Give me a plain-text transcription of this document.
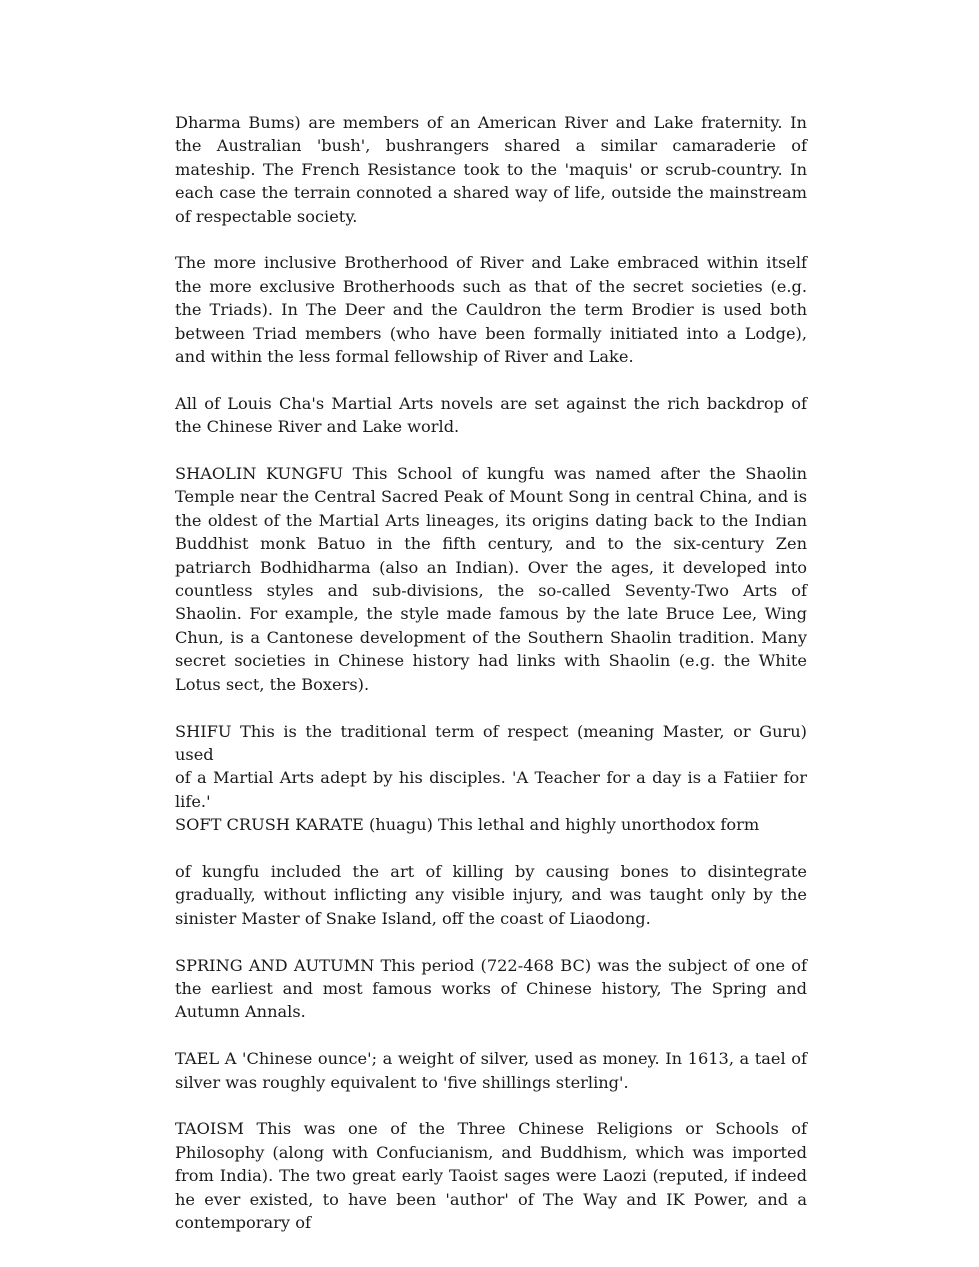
Dharma Bums) are members of an American River and Lake fraternity. In the Australian 'bush', bushrangers shared a similar camaraderie of mateship. The French Resistance took to the 'maquis' or scrub-country. In each case the terrain connoted a shared way of life, outside the mainstream of respectable society.

The more inclusive Brotherhood of River and Lake embraced within itself the more exclusive Brotherhoods such as that of the secret societies (e.g. the Triads). In The Deer and the Cauldron the term Brodier is used both between Triad members (who have been formally initiated into a Lodge), and within the less formal fellowship of River and Lake.

All of Louis Cha's Martial Arts novels are set against the rich backdrop of the Chinese River and Lake world.

SHAOLIN KUNGFU This School of kungfu was named after the Shaolin Temple near the Central Sacred Peak of Mount Song in central China, and is the oldest of the Martial Arts lineages, its origins dating back to the Indian Buddhist monk Batuo in the fifth century, and to the six-century Zen patriarch Bodhidharma (also an Indian). Over the ages, it developed into countless styles and sub-divisions, the so-called Seventy-Two Arts of Shaolin. For example, the style made famous by the late Bruce Lee, Wing Chun, is a Cantonese development of the Southern Shaolin tradition. Many secret societies in Chinese history had links with Shaolin (e.g. the White Lotus sect, the Boxers).

SHIFU This is the traditional term of respect (meaning Master, or Guru) used
of a Martial Arts adept by his disciples. 'A Teacher for a day is a Fatiier for life.'
SOFT CRUSH KARATE (huagu) This lethal and highly unorthodox form

of kungfu included the art of killing by causing bones to disintegrate gradually, without inflicting any visible injury, and was taught only by the sinister Master of Snake Island, off the coast of Liaodong.

SPRING AND AUTUMN This period (722-468 BC) was the subject of one of the earliest and most famous works of Chinese history, The Spring and Autumn Annals.

TAEL A 'Chinese ounce'; a weight of silver, used as money. In 1613, a tael of silver was roughly equivalent to 'five shillings sterling'.

TAOISM This was one of the Three Chinese Religions or Schools of Philosophy (along with Confucianism, and Buddhism, which was imported from India). The two great early Taoist sages were Laozi (reputed, if indeed he ever existed, to have been 'author' of The Way and IK Power, and a contemporary of
